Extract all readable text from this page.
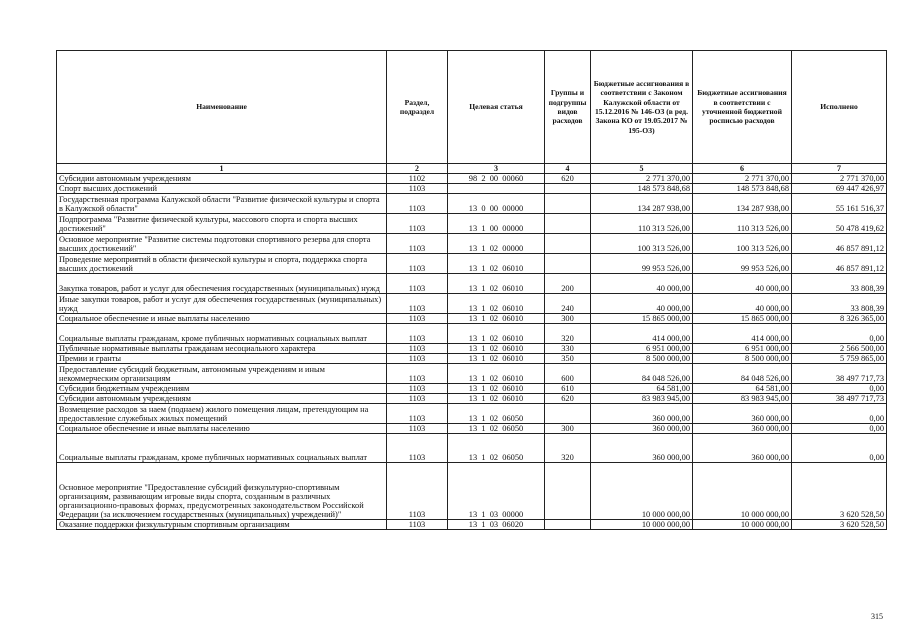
Наименование	Раздел, подраздел	Целевая статья	Группы и подгруппы видов расходов	Бюджетные ассигнования в соответствии с Законом Калужской области от 15.12.2016 № 146-ОЗ (в ред. Закона КО от 19.05.2017 № 195-ОЗ)	Бюджетные ассигнования в соответствии с уточненной бюджетной росписью расходов	Исполнено
1	2	3	4	5	6	7
Субсидии автономным учреждениям	1102	98  2  00  00060	620	2 771 370,00	2 771 370,00	2 771 370,00
Спорт высших достижений	1103			148 573 848,68	148 573 848,68	69 447 426,97
Государственная программа Калужской области "Развитие физической культуры и спорта в Калужской области"	1103	13  0  00  00000		134 287 938,00	134 287 938,00	55 161 516,37
Подпрограмма "Развитие физической культуры, массового спорта и спорта высших достижений"	1103	13  1  00  00000		110 313 526,00	110 313 526,00	50 478 419,62
Основное мероприятие "Развитие системы подготовки спортивного резерва для спорта высших достижений"	1103	13  1  02  00000		100 313 526,00	100 313 526,00	46 857 891,12
Проведение мероприятий в области физической культуры и спорта, поддержка спорта высших достижений	1103	13  1  02  06010		99 953 526,00	99 953 526,00	46 857 891,12
Закупка товаров, работ и услуг для обеспечения государственных (муниципальных) нужд	1103	13  1  02  06010	200	40 000,00	40 000,00	33 808,39
Иные закупки товаров, работ и услуг для обеспечения государственных (муниципальных) нужд	1103	13  1  02  06010	240	40 000,00	40 000,00	33 808,39
Социальное обеспечение и иные выплаты населению	1103	13  1  02  06010	300	15 865 000,00	15 865 000,00	8 326 365,00
Социальные выплаты гражданам, кроме публичных нормативных социальных выплат	1103	13  1  02  06010	320	414 000,00	414 000,00	0,00
Публичные нормативные выплаты гражданам несоциального характера	1103	13  1  02  06010	330	6 951 000,00	6 951 000,00	2 566 500,00
Премии и гранты	1103	13  1  02  06010	350	8 500 000,00	8 500 000,00	5 759 865,00
Предоставление субсидий бюджетным, автономным учреждениям и иным некоммерческим организациям	1103	13  1  02  06010	600	84 048 526,00	84 048 526,00	38 497 717,73
Субсидии бюджетным учреждениям	1103	13  1  02  06010	610	64 581,00	64 581,00	0,00
Субсидии автономным учреждениям	1103	13  1  02  06010	620	83 983 945,00	83 983 945,00	38 497 717,73
Возмещение расходов за наем (поднаем) жилого помещения лицам, претендующим на предоставление служебных жилых помещений	1103	13  1  02  06050		360 000,00	360 000,00	0,00
Социальное обеспечение и иные выплаты населению	1103	13  1  02  06050	300	360 000,00	360 000,00	0,00
Социальные выплаты гражданам, кроме публичных нормативных социальных выплат	1103	13  1  02  06050	320	360 000,00	360 000,00	0,00
Основное мероприятие "Предоставление субсидий физкультурно-спортивным организациям, развивающим игровые виды спорта, созданным в различных организационно-правовых формах, предусмотренных законодательством Российской Федерации (за исключением государственных (муниципальных) учреждений)"	1103	13  1  03  00000		10 000 000,00	10 000 000,00	3 620 528,50
Оказание поддержки физкультурным спортивным организациям	1103	13  1  03  06020		10 000 000,00	10 000 000,00	3 620 528,50
315
